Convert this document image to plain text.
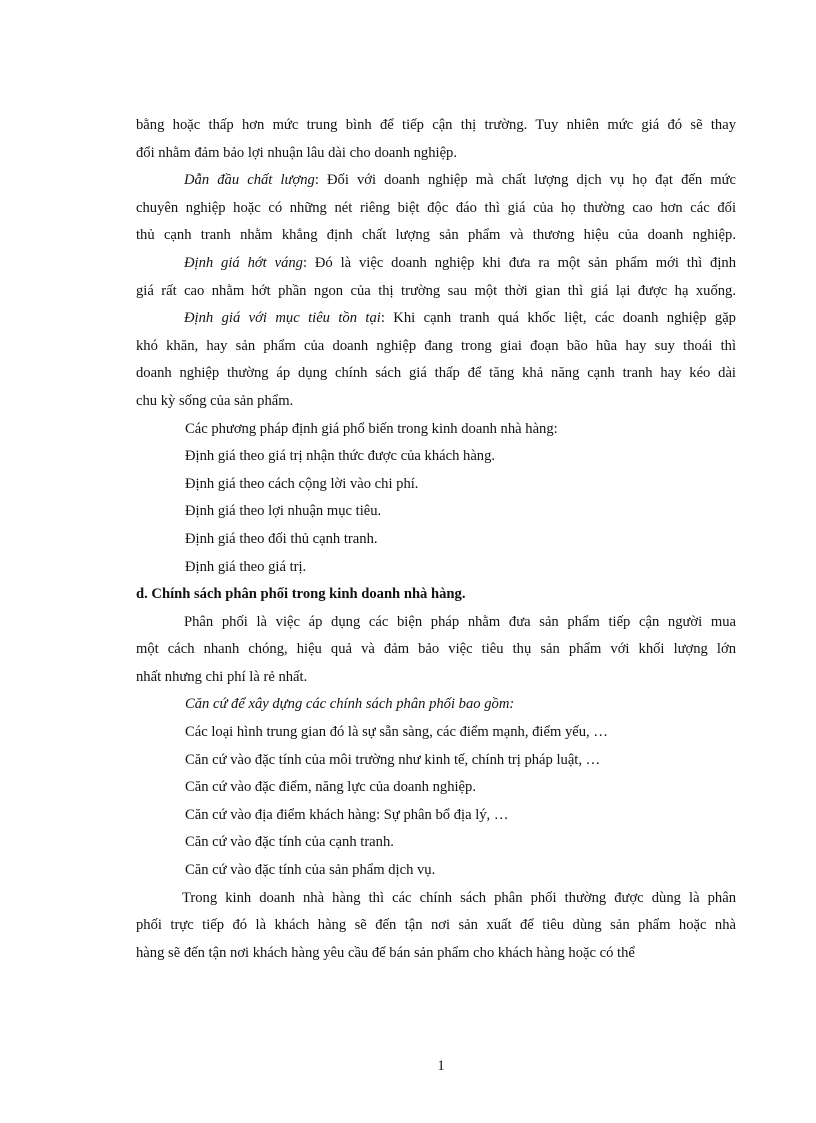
bằng hoặc thấp hơn mức trung bình để tiếp cận thị trường. Tuy nhiên mức giá đó sẽ thay
đổi nhằm đảm bảo lợi nhuận lâu dài cho doanh nghiệp.
Dẫn đầu chất lượng: Đối với doanh nghiệp mà chất lượng dịch vụ họ đạt đến mức
chuyên nghiệp hoặc có những nét riêng biệt độc đáo thì giá của họ thường cao hơn các đối
thủ cạnh tranh nhằm khẳng định chất lượng sản phẩm và thương hiệu của doanh nghiệp.
Định giá hớt váng: Đó là việc doanh nghiệp khi đưa ra một sản phẩm mới thì định
giá rất cao nhằm hớt phần ngon của thị trường sau một thời gian thì giá lại được hạ xuống.
Định giá với mục tiêu tồn tại: Khi cạnh tranh quá khốc liệt, các doanh nghiệp gặp
khó khăn, hay sản phẩm của doanh nghiệp đang trong giai đoạn bão hũa hay suy thoái thì
doanh nghiệp thường áp dụng chính sách giá thấp để tăng khả năng cạnh tranh hay kéo dài
chu kỳ sống của sản phẩm.
Các phương pháp định giá phổ biến trong kinh doanh nhà hàng:
Định giá theo giá trị nhận thức được của khách hàng.
Định giá theo cách cộng lời vào chi phí.
Định giá theo lợi nhuận mục tiêu.
Định giá theo đối thủ cạnh tranh.
Định giá theo giá trị.
d. Chính sách phân phối trong kinh doanh nhà hàng.
Phân phối là việc áp dụng các biện pháp nhằm đưa sản phẩm tiếp cận người mua
một cách nhanh chóng, hiệu quả và đảm bảo việc tiêu thụ sản phẩm với khối lượng lớn
nhất nhưng chi phí là rẻ nhất.
Căn cứ để xây dựng các chính sách phân phối bao gồm:
Các loại hình trung gian đó là sự sẵn sàng, các điểm mạnh, điểm yếu, …
Căn cứ vào đặc tính của môi trường như kinh tế, chính trị pháp luật, …
Căn cứ vào đặc điểm, năng lực của doanh nghiệp.
Căn cứ vào địa điểm khách hàng: Sự phân bổ địa lý, …
Căn cứ vào đặc tính của cạnh tranh.
Căn cứ vào đặc tính của sản phẩm dịch vụ.
Trong kinh doanh nhà hàng thì các chính sách phân phối thường được dùng là phân
phối trực tiếp đó là khách hàng sẽ đến tận nơi sản xuất để tiêu dùng sản phẩm hoặc nhà
hàng sẽ đến tận nơi khách hàng yêu cầu để bán sản phẩm cho khách hàng hoặc có thể
1
